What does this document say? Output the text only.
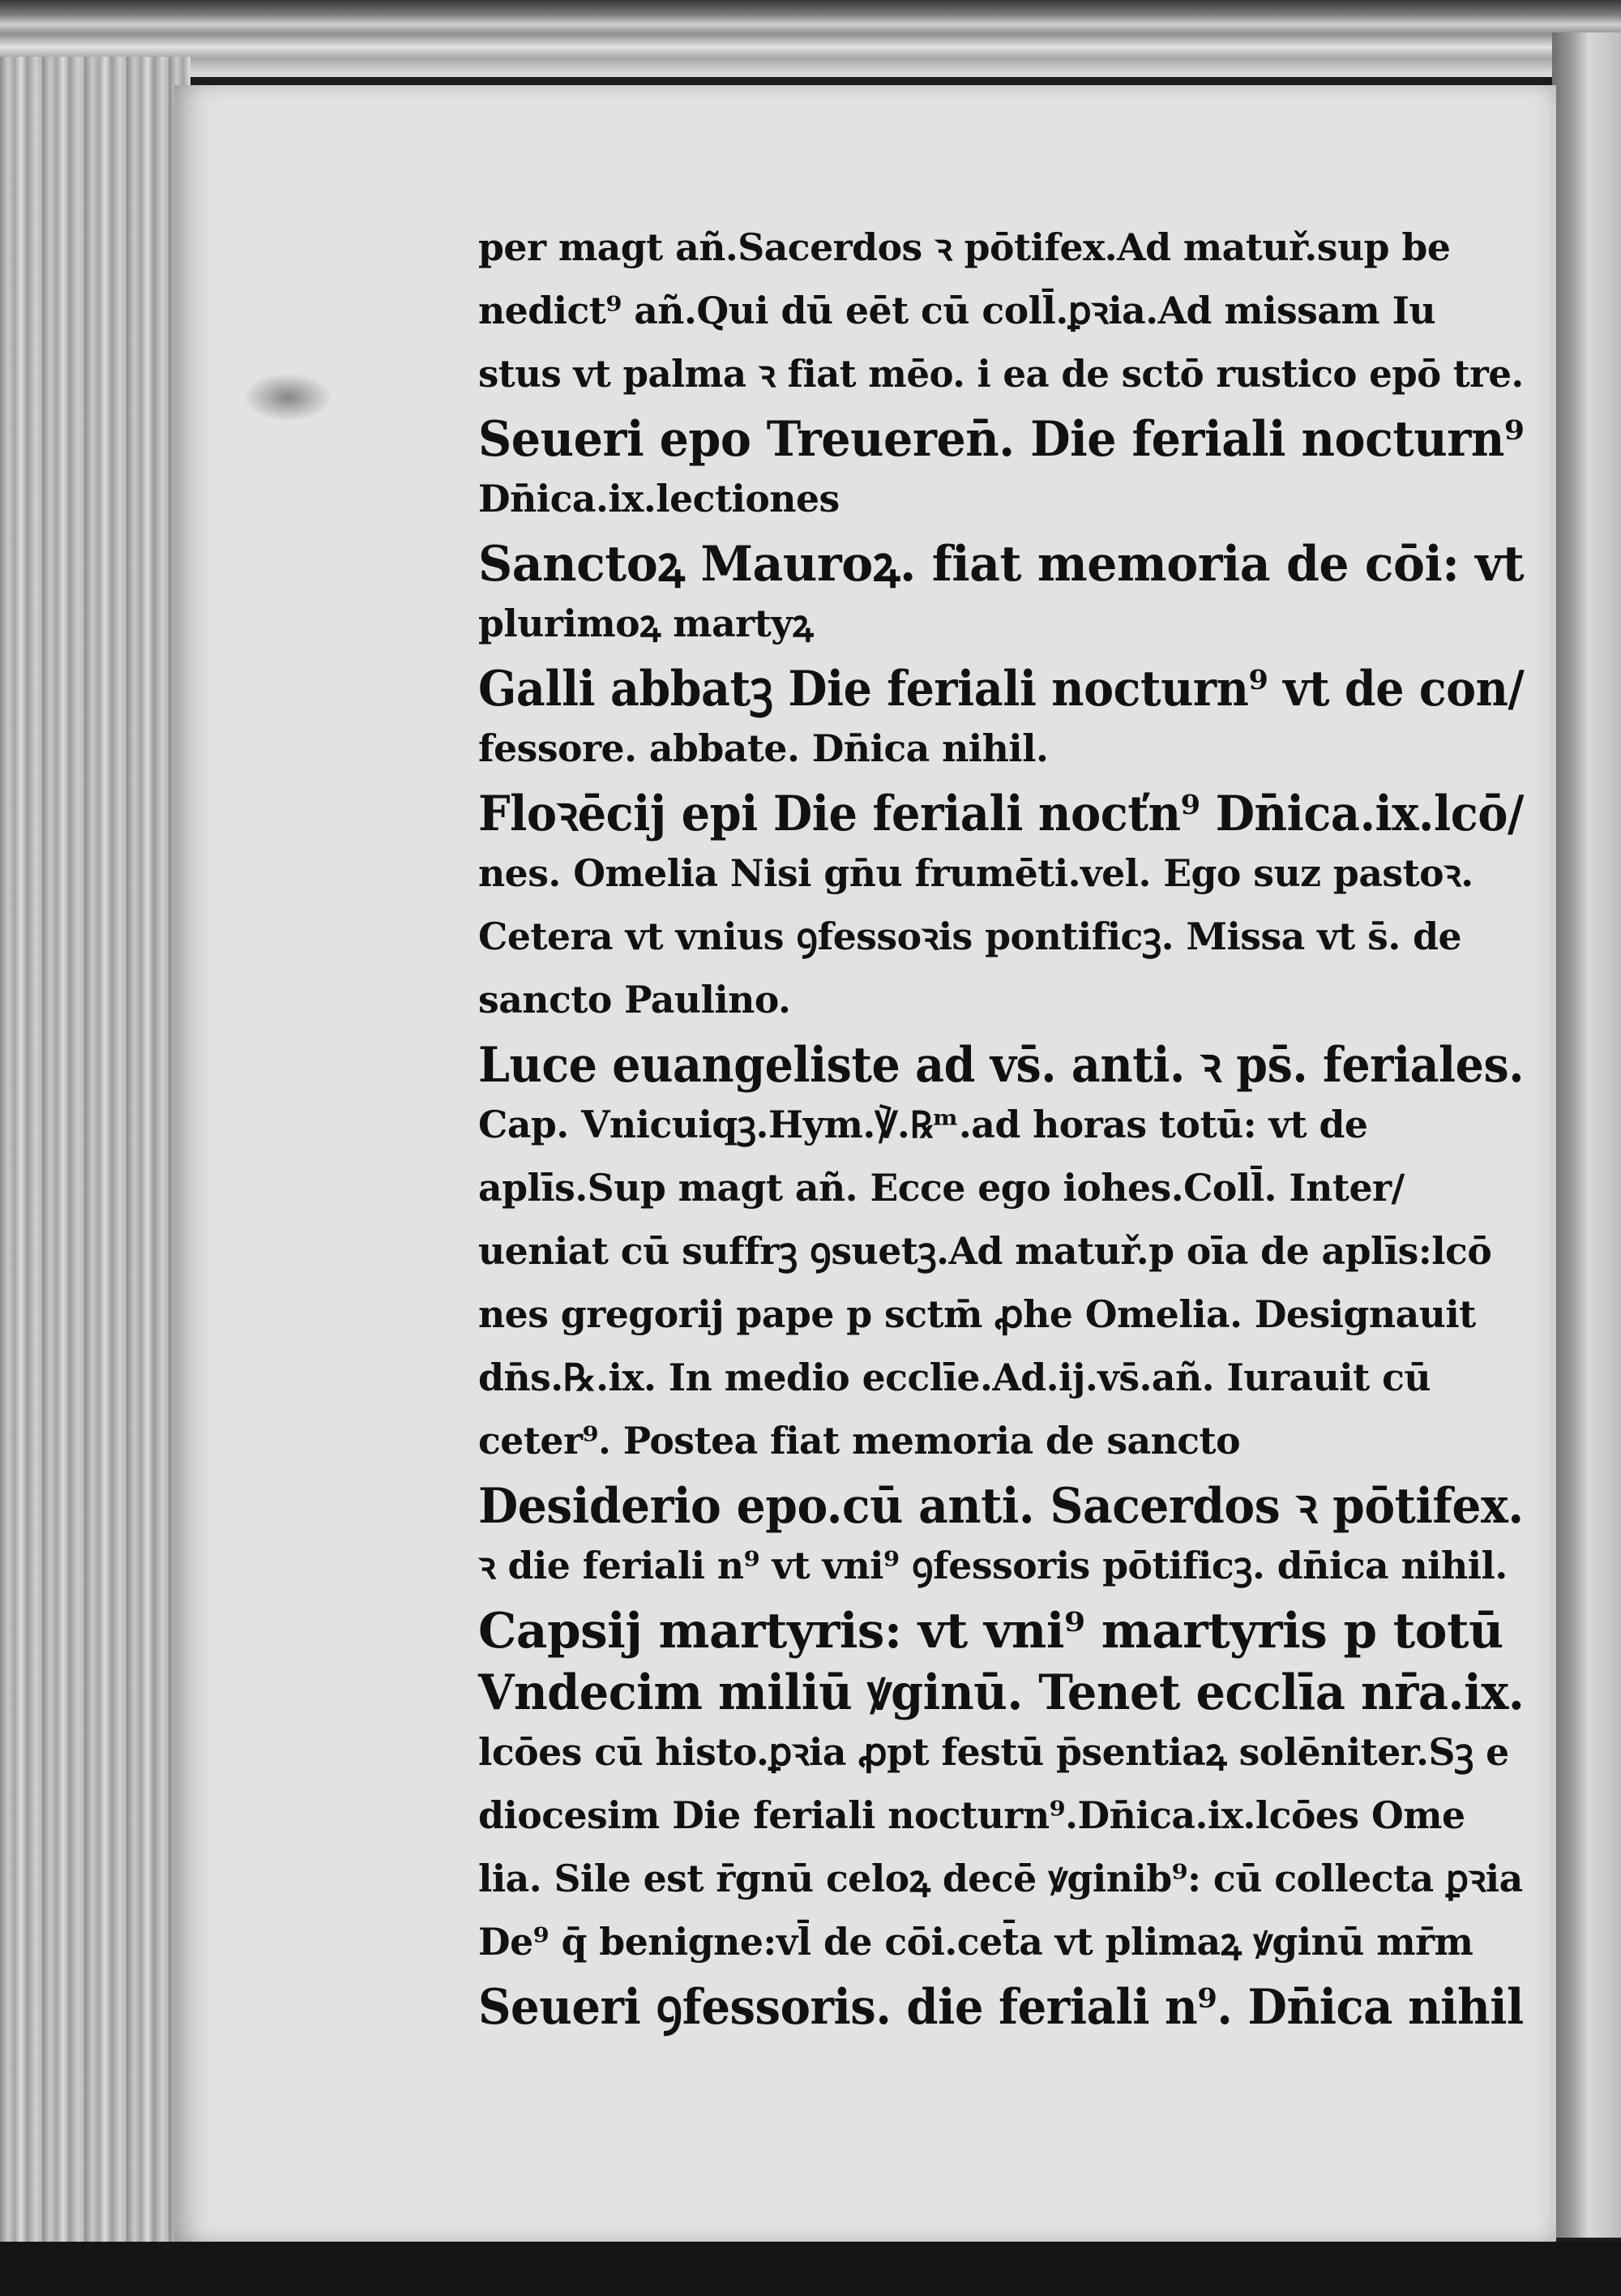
per magt añ.Sacerdos ꝛ pōtifex.Ad matuř.sup be
nedict⁹ añ.Qui dū eēt cū coll̄.ꝑꝛia.Ad missam Iu
stus vt palma ꝛ fiat mēo. i ea de sctō rustico epō tre.
Seueri epo Treueren̄. Die feriali nocturn⁹
Dn̄ica.ix.lectiones
Sanctoꝝ Mauroꝝ. fiat memoria de cōi: vt
plurimoꝝ martyꝝ
Galli abbatꝫ Die feriali nocturn⁹ vt de con/
fessore. abbate. Dn̄ica nihil.
Floꝛēcij epi Die feriali nocťn⁹ Dn̄ica.ix.lcō/
nes. Omelia Nisi gn̄u frumēti.vel. Ego suz pastoꝛ.
Cetera vt vnius ꝯfessoꝛis pontificꝫ. Missa vt s̄. de
sancto Paulino.
Luce euangeliste ad vs̄. anti. ꝛ ps̄. feriales.
Cap. Vnicuiqꝫ.Hym.℣.℞ᵐ.ad horas totū: vt de
aplīs.Sup magt añ. Ecce ego iohes.Coll̄. Inter/
ueniat cū suffrꝫ ꝯsuetꝫ.Ad matuř.p oīa de aplīs:lcō
nes gregorij pape p sctm̄ ꝓhe Omelia. Designauit
dn̄s.℞.ix. In medio ecclīe.Ad.ij.vs̄.añ. Iurauit cū
ceter⁹. Postea fiat memoria de sancto
Desiderio epo.cū anti. Sacerdos ꝛ pōtifex.
ꝛ die feriali n⁹ vt vni⁹ ꝯfessoris pōtificꝫ. dn̄ica nihil.
Capsij martyris: vt vni⁹ martyris p totū
Vndecim miliū ꝟginū. Tenet ecclīa nr̄a.ix.
lcōes cū histo.ꝑꝛia ꝓpt festū p̄sentiaꝝ solēniter.Sꝫ e
diocesim Die feriali nocturn⁹.Dn̄ica.ix.lcōes Ome
lia. Sile est r̄gnū celoꝝ decē ꝟginib⁹: cū collecta ꝑꝛia
De⁹ q̄ benigne:vl̄ de cōi.cet̄a vt plimaꝝ ꝟginū mr̄m
Seueri ꝯfessoris. die feriali n⁹. Dn̄ica nihil
